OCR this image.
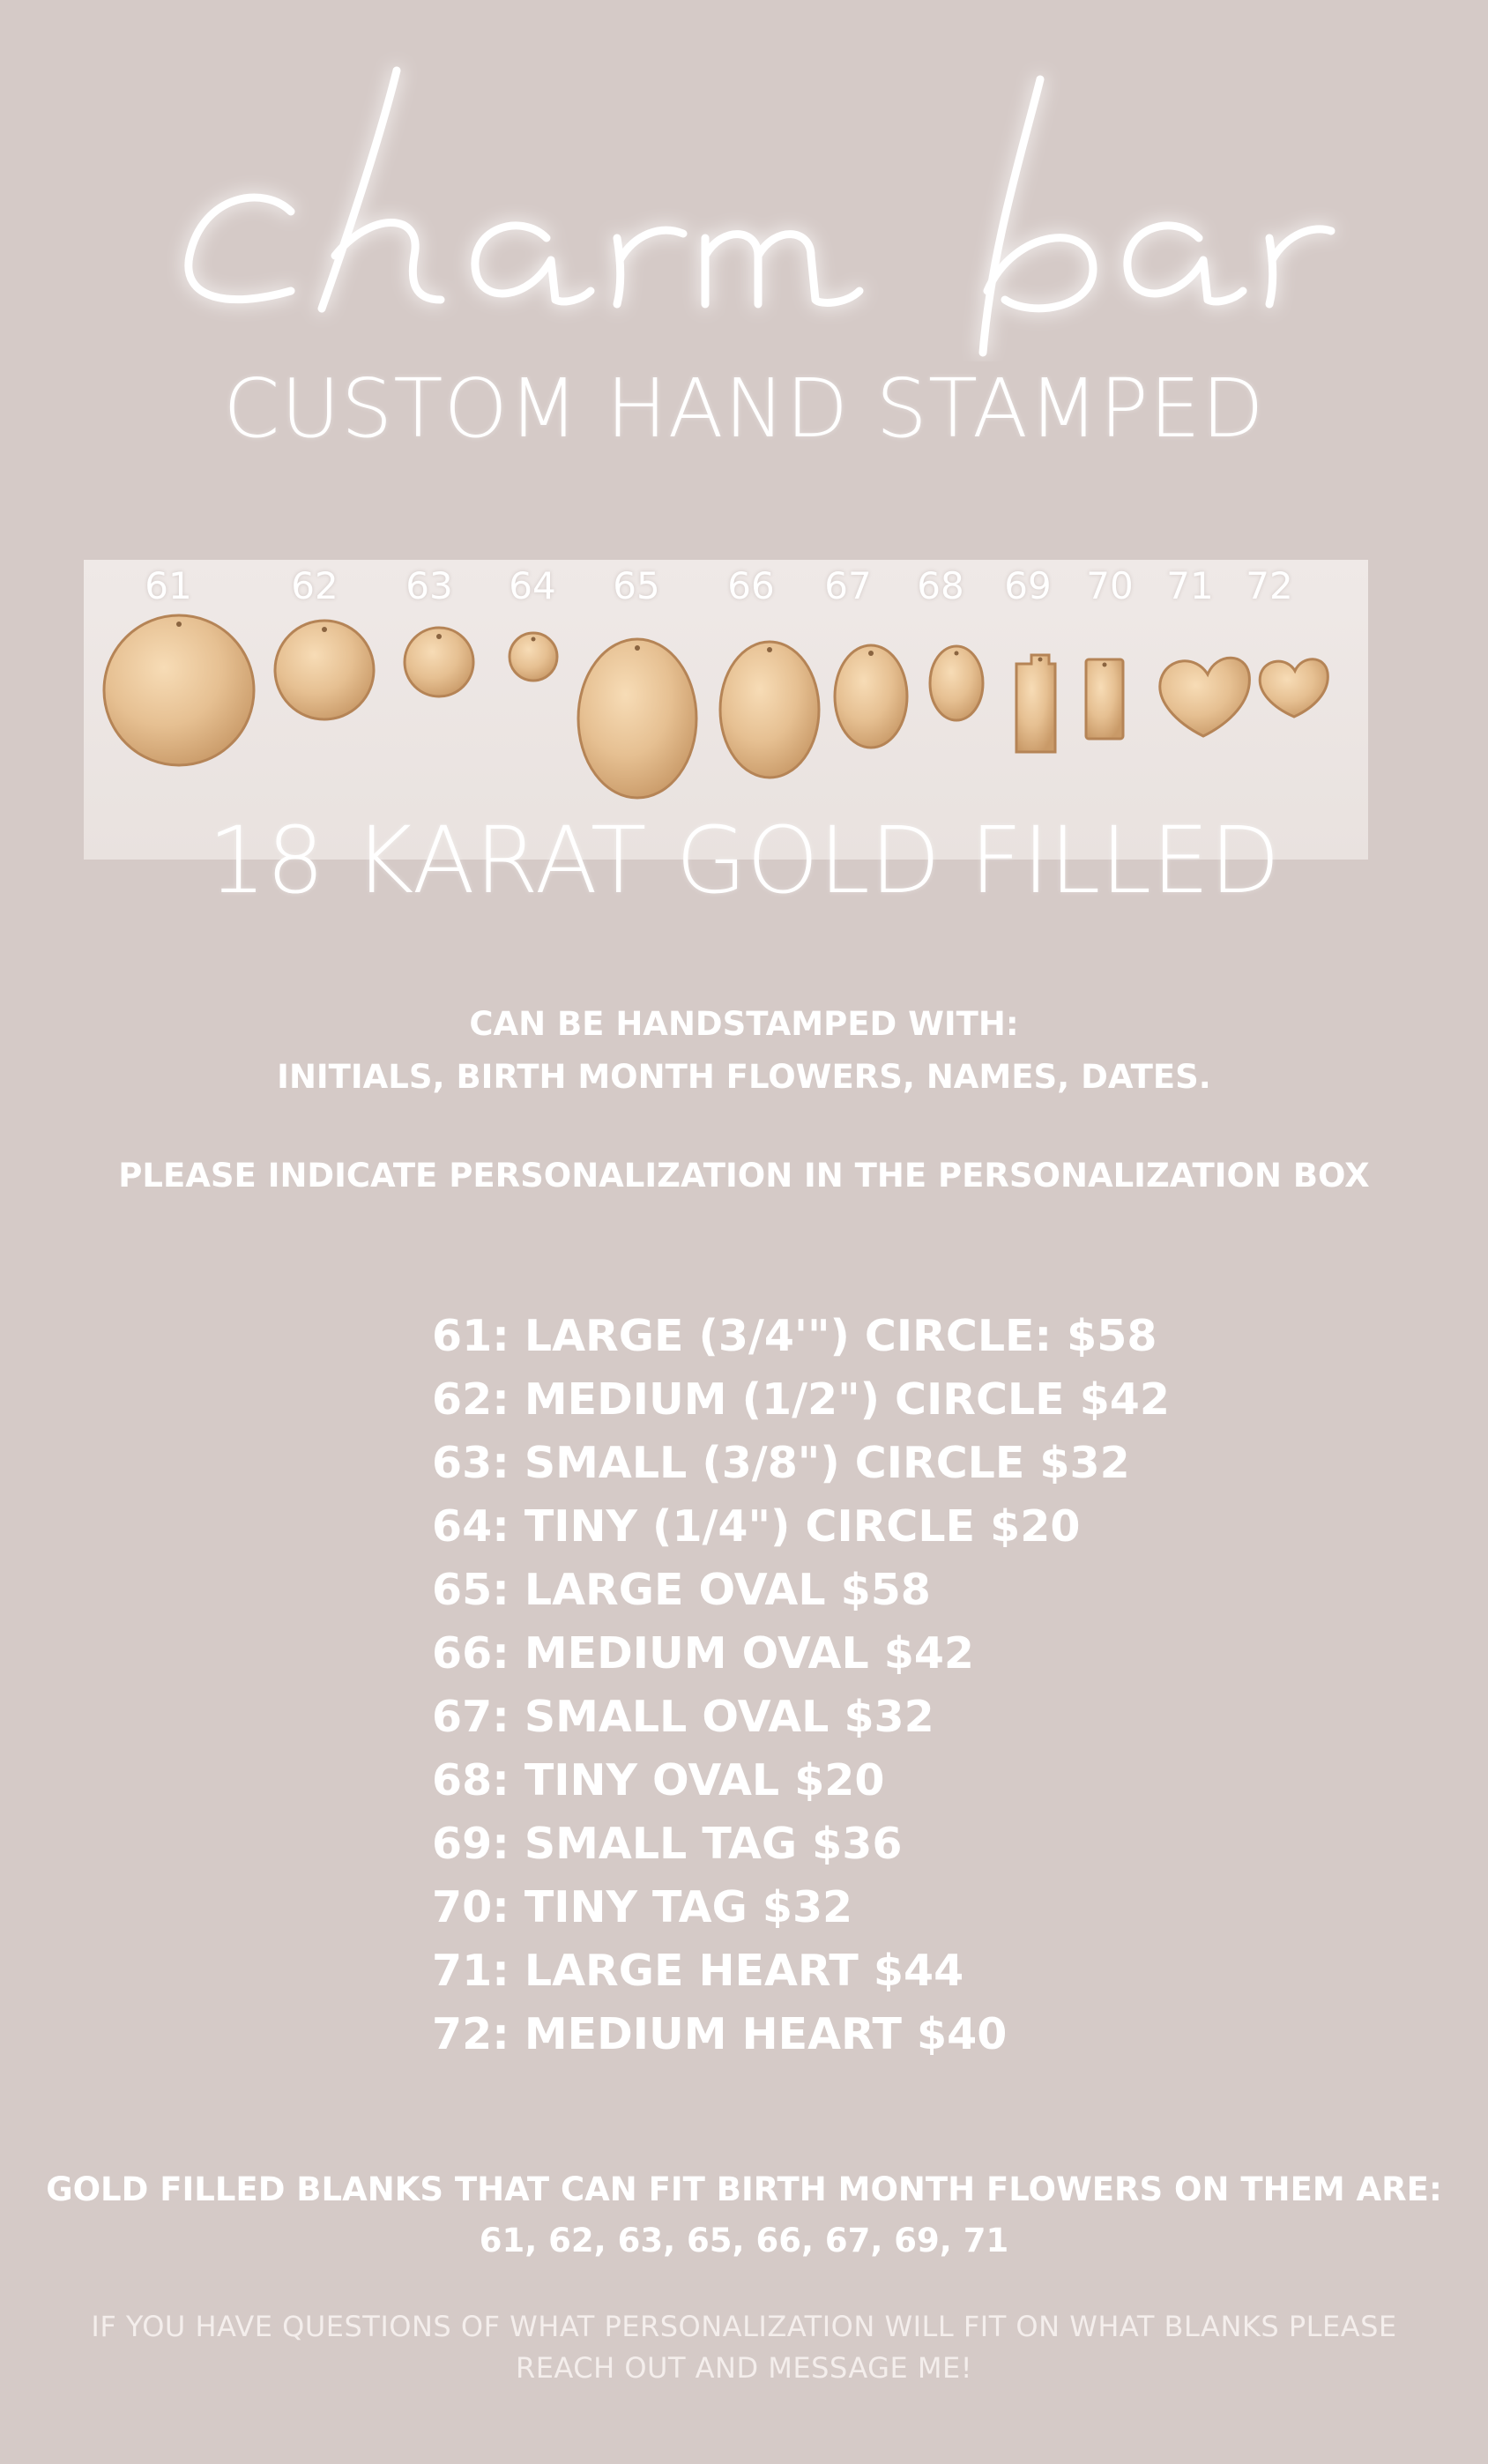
CUSTOM HAND STAMPED
61	62	63	64	65	66	67	68	69 70 71 72
18 KARAT GOLD FILLED
CAN BE HANDSTAMPED WITH:
INITIALS, BIRTH MONTH FLOWERS, NAMES, DATES.
PLEASE INDICATE PERSONALIZATION IN THE PERSONALIZATION BOX
61: LARGE (3/4'") CIRCLE: $58
62: MEDIUM (1/2") CIRCLE $42
63: SMALL (3/8") CIRCLE $32
64: TINY (1/4") CIRCLE $20
65: LARGE OVAL $58
66: MEDIUM OVAL $42
67: SMALL OVAL $32
68: TINY OVAL $20
69: SMALL TAG $36
70: TINY TAG $32
71: LARGE HEART $44
72: MEDIUM HEART $40
GOLD FILLED BLANKS THAT CAN FIT BIRTH MONTH FLOWERS ON THEM ARE:
61, 62, 63, 65, 66, 67, 69, 71
IF YOU HAVE QUESTIONS OF WHAT PERSONALIZATION WILL FIT ON WHAT BLANKS PLEASE
REACH OUT AND MESSAGE ME!
